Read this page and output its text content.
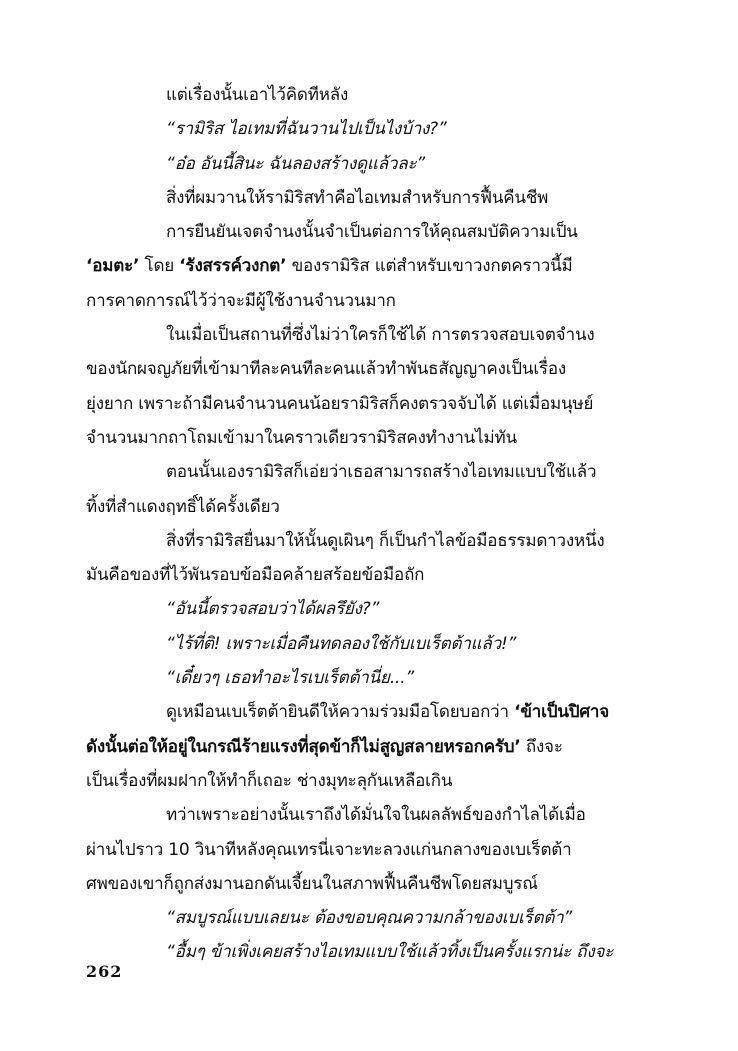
แต่เรื่องนั้นเอาไว้คิดทีหลัง
“รามิริส ไอเทมที่ฉันวานไปเป็นไงบ้าง?”
“อ๋อ อันนี้สินะ ฉันลองสร้างดูแล้วละ”
สิ่งที่ผมวานให้รามิริสทำคือไอเทมสำหรับการฟื้นคืนชีพ
การยืนยันเจตจำนงนั้นจำเป็นต่อการให้คุณสมบัติความเป็น
‘อมตะ’ โดย ‘รังสรรค์วงกต’ ของรามิริส แต่สำหรับเขาวงกตคราวนี้มี
การคาดการณ์ไว้ว่าจะมีผู้ใช้งานจำนวนมาก
ในเมื่อเป็นสถานที่ซึ่งไม่ว่าใครก็ใช้ได้ การตรวจสอบเจตจำนง
ของนักผจญภัยที่เข้ามาทีละคนทีละคนแล้วทำพันธสัญญาคงเป็นเรื่อง
ยุ่งยาก เพราะถ้ามีคนจำนวนคนน้อยรามิริสก็คงตรวจจับได้ แต่เมื่อมนุษย์
จำนวนมากถาโถมเข้ามาในคราวเดียวรามิริสคงทำงานไม่ทัน
ตอนนั้นเองรามิริสก็เอ่ยว่าเธอสามารถสร้างไอเทมแบบใช้แล้ว
ทิ้งที่สำแดงฤทธิ์ได้ครั้งเดียว
สิ่งที่รามิริสยื่นมาให้นั้นดูเผินๆ ก็เป็นกำไลข้อมือธรรมดาวงหนึ่ง
มันคือของที่ไว้พันรอบข้อมือคล้ายสร้อยข้อมือถัก
“อันนี้ตรวจสอบว่าได้ผลรึยัง?”
“ไร้ที่ติ! เพราะเมื่อคืนทดลองใช้กับเบเร็ตต้าแล้ว!”
“เดี๋ยวๆ เธอทำอะไรเบเร็ตต้านี่ย...”
ดูเหมือนเบเร็ตต้ายินดีให้ความร่วมมือโดยบอกว่า ‘ข้าเป็นปิศาจ
ดังนั้นต่อให้อยู่ในกรณีร้ายแรงที่สุดข้าก็ไม่สูญสลายหรอกครับ’ ถึงจะ
เป็นเรื่องที่ผมฝากให้ทำก็เถอะ ช่างมุทะลุกันเหลือเกิน
ทว่าเพราะอย่างนั้นเราถึงได้มั่นใจในผลลัพธ์ของกำไลได้เมื่อ
ผ่านไปราว 10 วินาทีหลังคุณเทรนี่เจาะทะลวงแก่นกลางของเบเร็ตต้า
ศพของเขาก็ถูกส่งมานอกดันเจี้ยนในสภาพฟื้นคืนชีพโดยสมบูรณ์
“สมบูรณ์แบบเลยนะ ต้องขอบคุณความกล้าของเบเร็ตต้า”
“อื้มๆ ข้าเพิ่งเคยสร้างไอเทมแบบใช้แล้วทิ้งเป็นครั้งแรกน่ะ ถึงจะ
262
